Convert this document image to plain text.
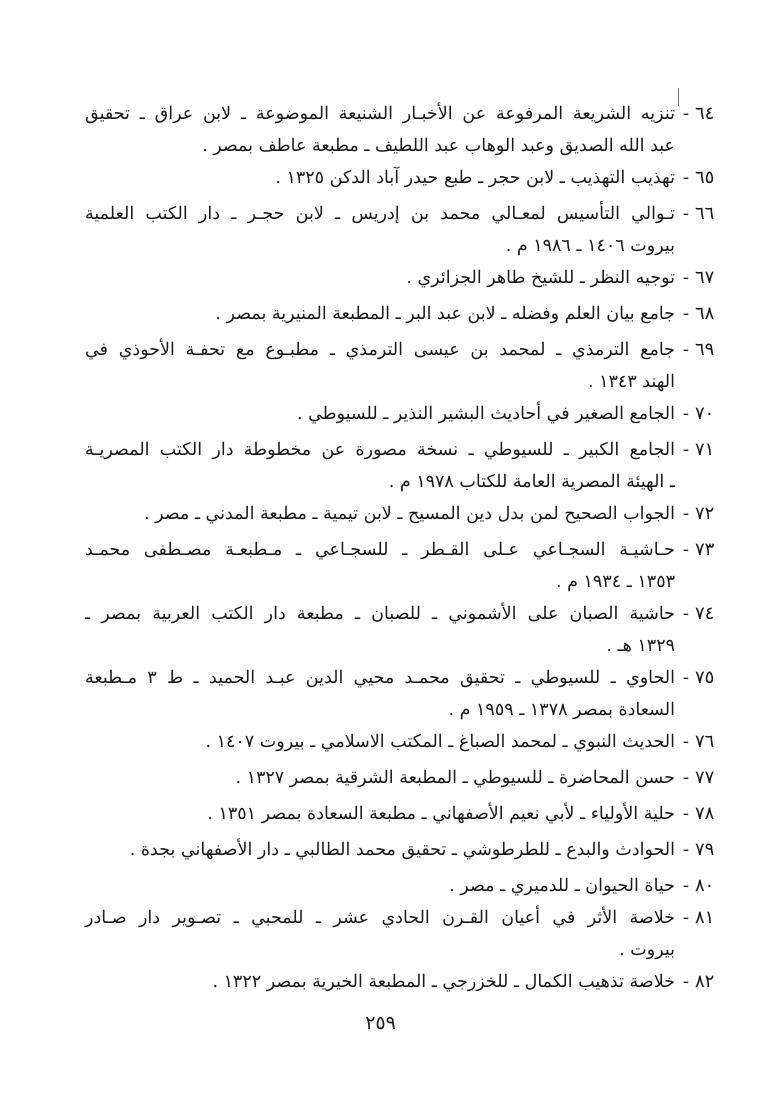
٦٤
-
تنزيه الشريعة المرفوعة عن الأخبـار الشنيعة الموضوعة ـ لابن عراق ـ تحقيق
عبد الله الصديق وعبد الوهاب عبد اللطيف ـ مطبعة عاطف بمصر .
٦٥
-
تهذيب التهذيب ـ لابن حجر ـ طبع حيدر آباد الدكن ١٣٢٥ .
٦٦
-
تـوالي التأسيس لمعـالي محمد بن إدريس ـ لابن حجـر ـ دار الكتب العلمية
بيروت ١٤٠٦ ـ ١٩٨٦ م .
٦٧
-
توجيه النظر ـ للشيخ طاهر الجزائري .
٦٨
-
جامع بيان العلم وفضله ـ لابن عبد البر ـ المطبعة المنيرية بمصر .
٦٩
-
جامع الترمذي ـ لمحمد بن عيسى الترمذي ـ مطبـوع مع تحفـة الأحوذي في
الهند ١٣٤٣ .
٧٠
-
الجامع الصغير في أحاديث البشير النذير ـ للسيوطي .
٧١
-
الجامع الكبير ـ للسيوطي ـ نسخة مصورة عن مخطوطة دار الكتب المصريـة
ـ الهيئة المصرية العامة للكتاب ١٩٧٨ م .
٧٢
-
الجواب الصحيح لمن بدل دين المسيح ـ لابن تيمية ـ مطبعة المدني ـ مصر .
٧٣
-
حـاشيـة السجـاعي عـلى القـطر ـ للسجـاعي ـ مـطبعـة مصـطفى محمـد
١٣٥٣ ـ ١٩٣٤ م .
٧٤
-
حاشية الصبان على الأشموني ـ للصبان ـ مطبعة دار الكتب العربية بمصر ـ
١٣٢٩ هـ .
٧٥
-
الحاوي ـ للسيوطي ـ تحقيق محمـد محيي الدين عبـد الحميد ـ ط ٣ مـطبعة
السعادة بمصر ١٣٧٨ ـ ١٩٥٩ م .
٧٦
-
الحديث النبوي ـ لمحمد الصباغ ـ المكتب الاسلامي ـ بيروت ١٤٠٧ .
٧٧
-
حسن المحاضرة ـ للسيوطي ـ المطبعة الشرقية بمصر ١٣٢٧ .
٧٨
-
حلية الأولياء ـ لأبي نعيم الأصفهاني ـ مطبعة السعادة بمصر ١٣٥١ .
٧٩
-
الحوادث والبدع ـ للطرطوشي ـ تحقيق محمد الطالبي ـ دار الأصفهاني بجدة .
٨٠
-
حياة الحيوان ـ للدميري ـ مصر .
٨١
-
خلاصة الأثر في أعيان القـرن الحادي عشر ـ للمحبي ـ تصـوير دار صـادر
بيروت .
٨٢
-
خلاصة تذهيب الكمال ـ للخزرجي ـ المطبعة الخيرية بمصر ١٣٢٢ .
٢٥٩
